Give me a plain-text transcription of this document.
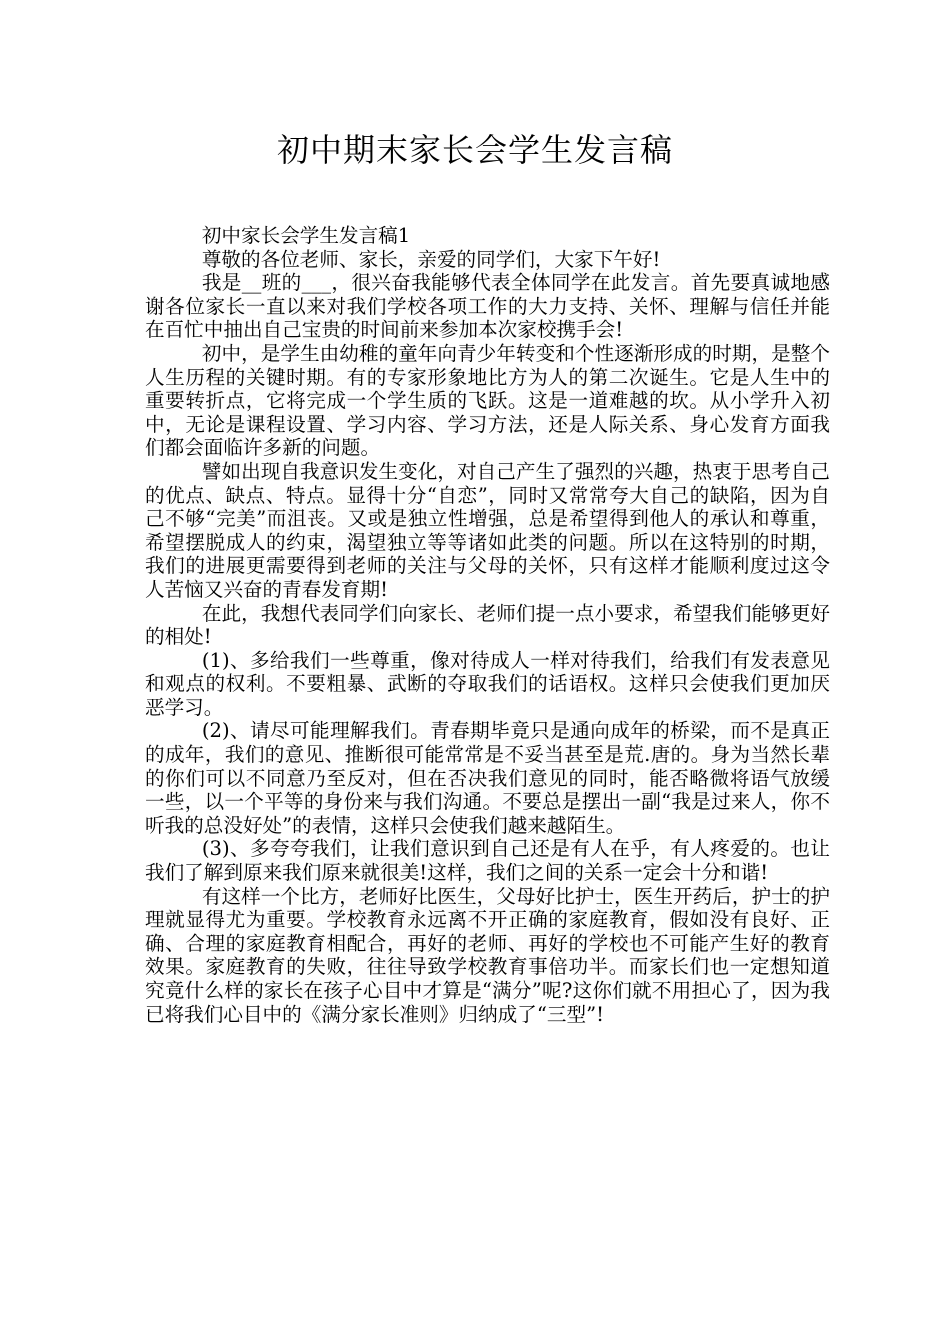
初中期末家长会学生发言稿

初中家长会学生发言稿1

尊敬的各位老师、家长，亲爱的同学们，大家下午好!

我是__班的___，很兴奋我能够代表全体同学在此发言。首先要真诚地感谢各位家长一直以来对我们学校各项工作的大力支持、关怀、理解与信任并能在百忙中抽出自己宝贵的时间前来参加本次家校携手会!

初中，是学生由幼稚的童年向青少年转变和个性逐渐形成的时期，是整个人生历程的关键时期。有的专家形象地比方为人的第二次诞生。它是人生中的重要转折点，它将完成一个学生质的飞跃。这是一道难越的坎。从小学升入初中，无论是课程设置、学习内容、学习方法，还是人际关系、身心发育方面我们都会面临许多新的问题。

譬如出现自我意识发生变化，对自己产生了强烈的兴趣，热衷于思考自己的优点、缺点、特点。显得十分“自恋”，同时又常常夸大自己的缺陷，因为自己不够“完美”而沮丧。又或是独立性增强，总是希望得到他人的承认和尊重，希望摆脱成人的约束，渴望独立等等诸如此类的问题。所以在这特别的时期，我们的进展更需要得到老师的关注与父母的关怀，只有这样才能顺利度过这令人苦恼又兴奋的青春发育期!

在此，我想代表同学们向家长、老师们提一点小要求，希望我们能够更好的相处!

(1)、多给我们一些尊重，像对待成人一样对待我们，给我们有发表意见和观点的权利。不要粗暴、武断的夺取我们的话语权。这样只会使我们更加厌恶学习。

(2)、请尽可能理解我们。青春期毕竟只是通向成年的桥梁，而不是真正的成年，我们的意见、推断很可能常常是不妥当甚至是荒.唐的。身为当然长辈的你们可以不同意乃至反对，但在否决我们意见的同时，能否略微将语气放缓一些，以一个平等的身份来与我们沟通。不要总是摆出一副“我是过来人，你不听我的总没好处”的表情，这样只会使我们越来越陌生。

(3)、多夸夸我们，让我们意识到自己还是有人在乎，有人疼爱的。也让我们了解到原来我们原来就很美!这样，我们之间的关系一定会十分和谐!

有这样一个比方，老师好比医生，父母好比护士，医生开药后，护士的护理就显得尤为重要。学校教育永远离不开正确的家庭教育，假如没有良好、正确、合理的家庭教育相配合，再好的老师、再好的学校也不可能产生好的教育效果。家庭教育的失败，往往导致学校教育事倍功半。而家长们也一定想知道究竟什么样的家长在孩子心目中才算是“满分”呢?这你们就不用担心了，因为我已将我们心目中的《满分家长准则》归纳成了“三型”!
